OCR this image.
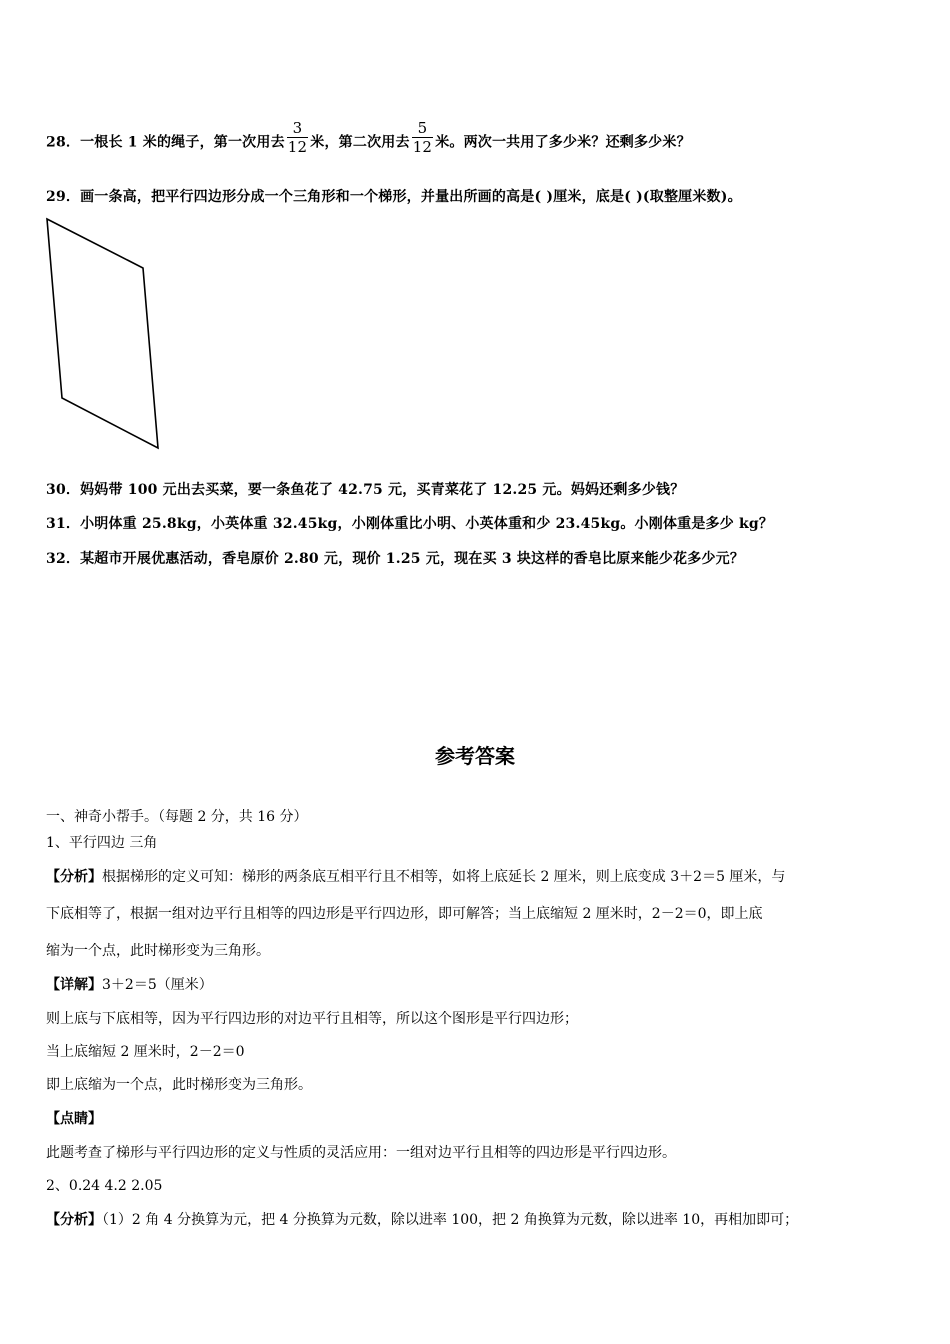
28．一根长 1 米的绳子，第一次用去 $\frac{3}{12}$ 米，第二次用去 $\frac{5}{12}$ 米。两次一共用了多少米？还剩多少米？
29．画一条高，把平行四边形分成一个三角形和一个梯形，并量出所画的高是( )厘米，底是( )(取整厘米数)。
30．妈妈带 100 元出去买菜，要一条鱼花了 42.75 元，买青菜花了 12.25 元。妈妈还剩多少钱？
31．小明体重 25.8kg，小英体重 32.45kg，小刚体重比小明、小英体重和少 23.45kg。小刚体重是多少 kg？
32．某超市开展优惠活动，香皂原价 2.80 元，现价 1.25 元，现在买 3 块这样的香皂比原来能少花多少元？
参考答案
一、神奇小帮手。（每题 2 分，共 16 分）
1、平行四边 三角
【分析】根据梯形的定义可知：梯形的两条底互相平行且不相等，如将上底延长 2 厘米，则上底变成 3＋2＝5 厘米，与
下底相等了，根据一组对边平行且相等的四边形是平行四边形，即可解答；当上底缩短 2 厘米时，2－2＝0，即上底
缩为一个点，此时梯形变为三角形。
【详解】3＋2＝5（厘米）
则上底与下底相等，因为平行四边形的对边平行且相等，所以这个图形是平行四边形；
当上底缩短 2 厘米时，2－2＝0
即上底缩为一个点，此时梯形变为三角形。
【点睛】
此题考查了梯形与平行四边形的定义与性质的灵活应用：一组对边平行且相等的四边形是平行四边形。
2、0.24 4.2 2.05
【分析】（1）2 角 4 分换算为元，把 4 分换算为元数，除以进率 100，把 2 角换算为元数，除以进率 10，再相加即可；
